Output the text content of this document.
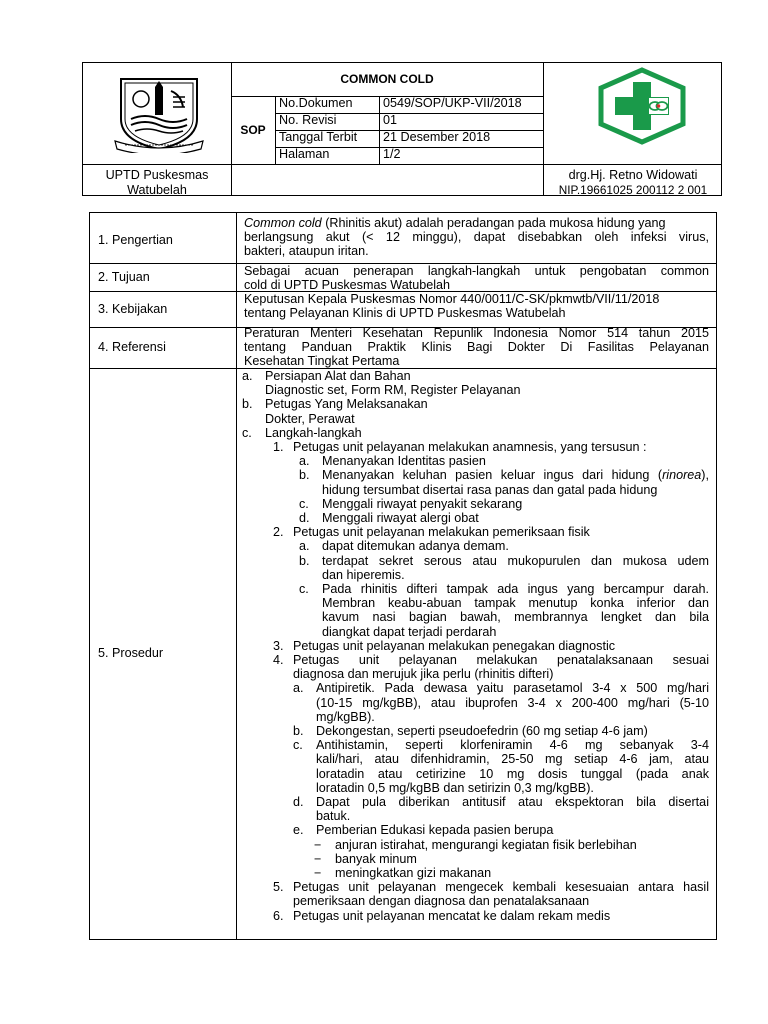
COMMON COLD
SOP
No.Dokumen 0549/SOP/UKP-VII/2018
No. Revisi	01
Tanggal Terbit 21 Desember 2018
Halaman	1/2
UPTD Puskesmas
Watubelah
drg.Hj. Retno Widowati
NIP.19661025 200112 2 001
1. Pengertian
Common cold (Rhinitis akut) adalah peradangan pada mukosa hidung yang
berlangsung akut (< 12 minggu), dapat disebabkan oleh infeksi virus,
bakteri, ataupun iritan.
2. Tujuan	Sebagai acuan penerapan langkah-langkah untuk pengobatan common
cold di UPTD Puskesmas Watubelah
3. Kebijakan
Keputusan Kepala Puskesmas Nomor 440/0011/C-SK/pkmwtb/VII/11/2018
tentang Pelayanan Klinis di UPTD Puskesmas Watubelah
4. Referensi
Peraturan Menteri Kesehatan Repunlik Indonesia Nomor 514 tahun 2015
tentang Panduan Praktik Klinis Bagi Dokter Di Fasilitas Pelayanan
Kesehatan Tingkat Pertama
5. Prosedur
a. Persiapan Alat dan Bahan
Diagnostic set, Form RM, Register Pelayanan
b. Petugas Yang Melaksanakan
Dokter, Perawat
c. Langkah-langkah
1. Petugas unit pelayanan melakukan anamnesis, yang tersusun :
a. Menanyakan Identitas pasien
b. Menanyakan keluhan pasien keluar ingus dari hidung (rinorea),
hidung tersumbat disertai rasa panas dan gatal pada hidung
c. Menggali riwayat penyakit sekarang
d. Menggali riwayat alergi obat
2. Petugas unit pelayanan melakukan pemeriksaan fisik
a. dapat ditemukan adanya demam.
b. terdapat sekret serous atau mukopurulen dan mukosa udem
dan hiperemis.
c. Pada rhinitis difteri tampak ada ingus yang bercampur darah.
Membran keabu-abuan tampak menutup konka inferior dan
kavum nasi bagian bawah, membrannya lengket dan bila
diangkat dapat terjadi perdarah
3. Petugas unit pelayanan melakukan penegakan diagnostic
4. Petugas unit pelayanan melakukan penatalaksanaan sesuai
diagnosa dan merujuk jika perlu (rhinitis difteri)
a. Antipiretik. Pada dewasa yaitu parasetamol 3-4 x 500 mg/hari
(10-15 mg/kgBB), atau ibuprofen 3-4 x 200-400 mg/hari (5-10
mg/kgBB).
b. Dekongestan, seperti pseudoefedrin (60 mg setiap 4-6 jam)
c. Antihistamin, seperti klorfeniramin 4-6 mg sebanyak 3-4
kali/hari, atau difenhidramin, 25-50 mg setiap 4-6 jam, atau
loratadin atau cetirizine 10 mg dosis tunggal (pada anak
loratadin 0,5 mg/kgBB dan setirizin 0,3 mg/kgBB).
d. Dapat pula diberikan antitusif atau ekspektoran bila disertai
batuk.
e. Pemberian Edukasi kepada pasien berupa
− anjuran istirahat, mengurangi kegiatan fisik berlebihan
− banyak minum
− meningkatkan gizi makanan
5. Petugas unit pelayanan mengecek kembali kesesuaian antara hasil
pemeriksaan dengan diagnosa dan penatalaksanaan
6. Petugas unit pelayanan mencatat ke dalam rekam medis
